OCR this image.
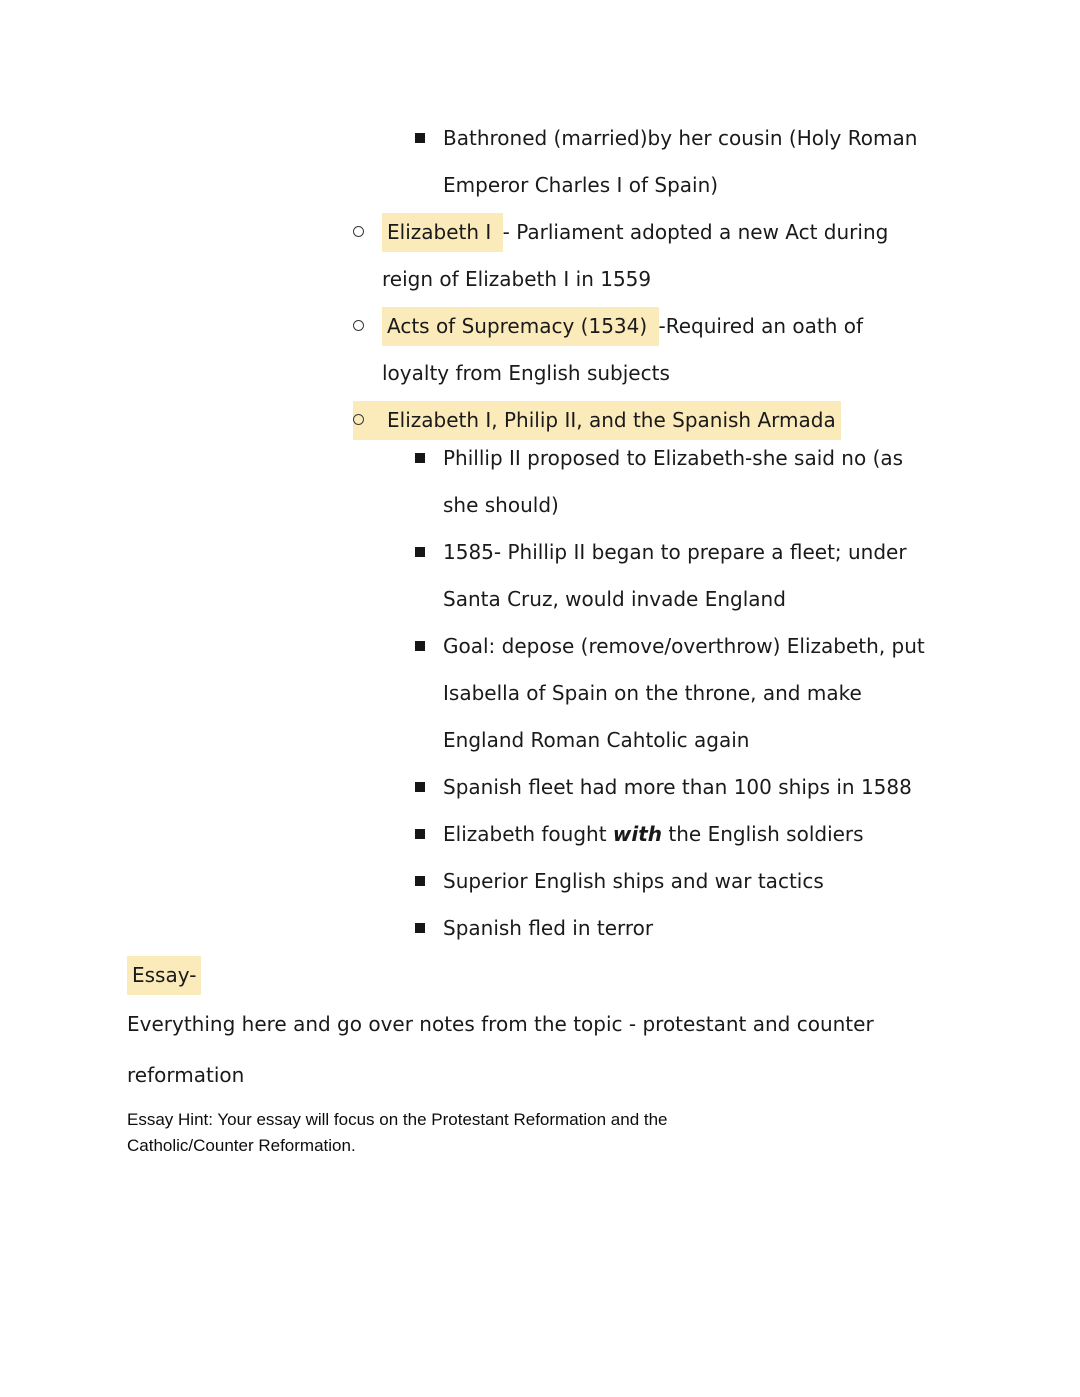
Bathroned (married)by her cousin (Holy Roman
Emperor Charles I of Spain)
Elizabeth I - Parliament adopted a new Act during
reign of Elizabeth I in 1559
Acts of Supremacy (1534) -Required an oath of
loyalty from English subjects
Elizabeth I, Philip II, and the Spanish Armada
Phillip II proposed to Elizabeth-she said no (as
she should)
1585- Phillip II began to prepare a fleet; under
Santa Cruz, would invade England
Goal: depose (remove/overthrow) Elizabeth, put
Isabella of Spain on the throne, and make
England Roman Cahtolic again
Spanish fleet had more than 100 ships in 1588
Elizabeth fought with the English soldiers
Superior English ships and war tactics
Spanish fled in terror
Essay-
Everything here and go over notes from the topic - protestant and counter
reformation
Essay Hint: Your essay will focus on the Protestant Reformation and the
Catholic/Counter Reformation.
